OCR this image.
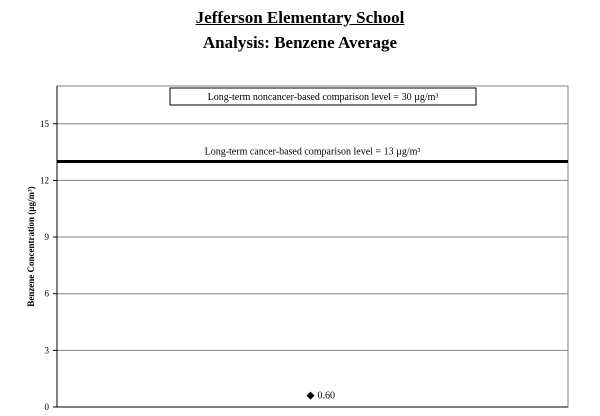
Jefferson Elementary School
Analysis: Benzene Average
0
3
6
9
12
15
Benzene Concentration (µg/m³)
Long-term cancer-based comparison level = 13 µg/m³
Long-term noncancer-based comparison level = 30 µg/m³
0.60
